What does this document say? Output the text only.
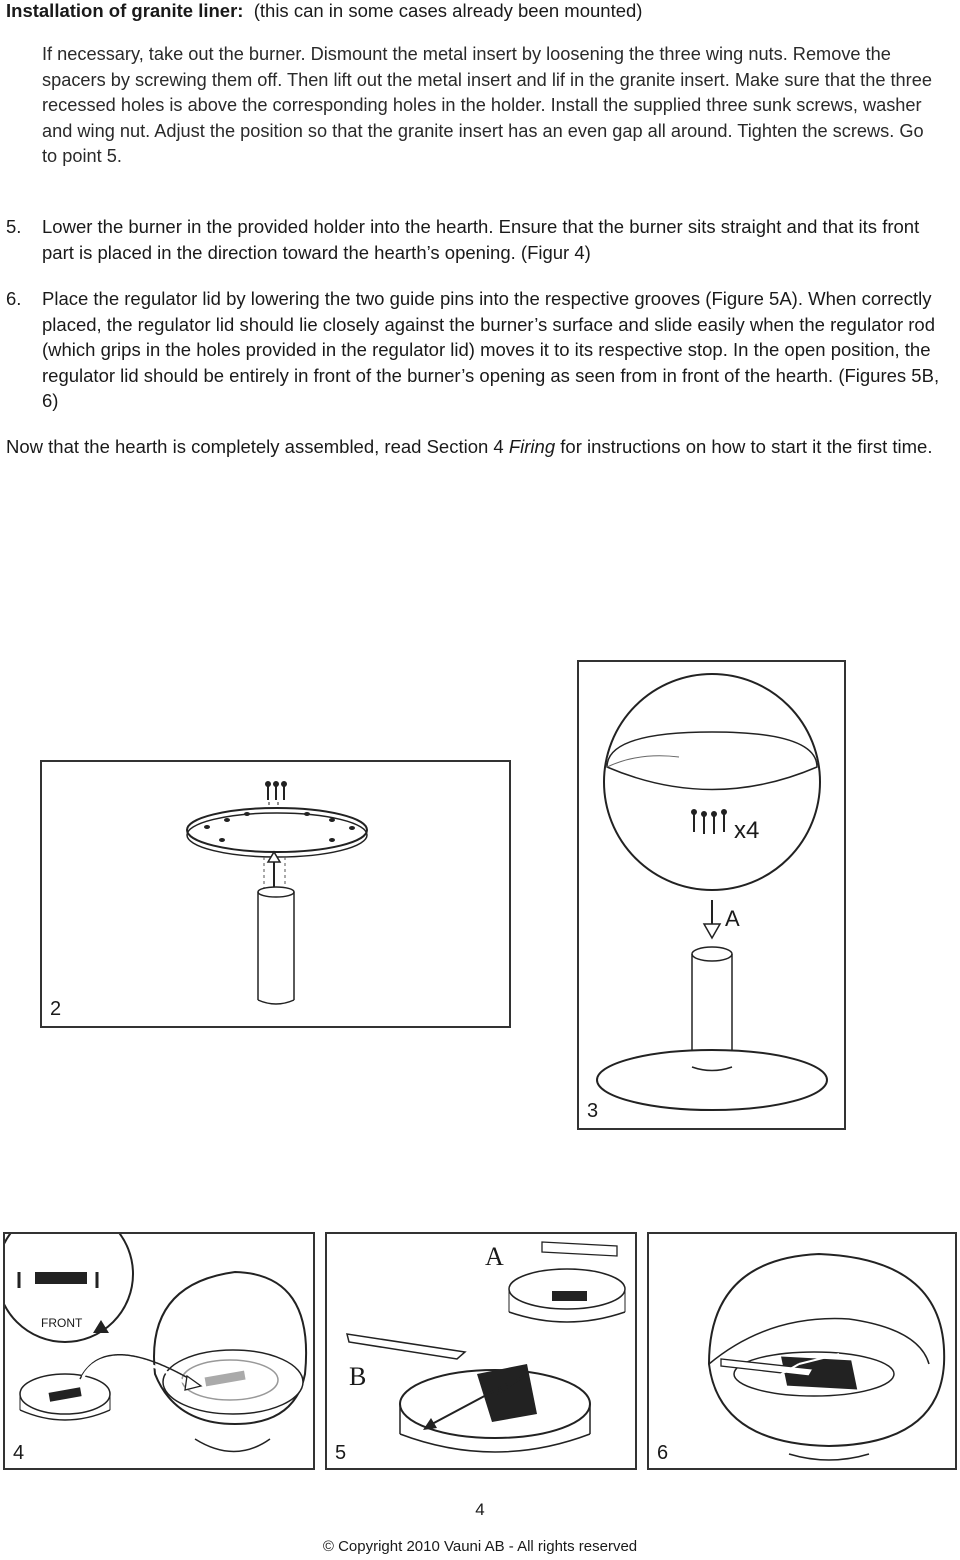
Installation of granite liner: (this can in some cases already been mounted)
If necessary, take out the burner. Dismount the metal insert by loosening the three wing nuts. Remove the spacers by screwing them off. Then lift out the metal insert and lif in the granite insert. Make sure that the three recessed holes is above the corresponding holes in the holder. Install the supplied three sunk screws, washer and wing nut. Adjust the position so that the granite insert has an even gap all around. Tighten the screws. Go to point 5.
5. Lower the burner in the provided holder into the hearth. Ensure that the burner sits straight and that its front part is placed in the direction toward the hearth’s opening. (Figur 4)
6. Place the regulator lid by lowering the two guide pins into the respective grooves (Figure 5A). When correctly placed, the regulator lid should lie closely against the burner’s surface and slide easily when the regulator rod (which grips in the holes provided in the regulator lid) moves it to its respective stop. In the open position, the regulator lid should be entirely in front of the burner’s opening as seen from in front of the hearth. (Figures 5B, 6)
Now that the hearth is completely assembled, read Section 4 Firing for instructions on how to start it the first time.
2
x4
A
3
FRONT
4
A
B
5	6
4
© Copyright 2010 Vauni AB - All rights reserved
